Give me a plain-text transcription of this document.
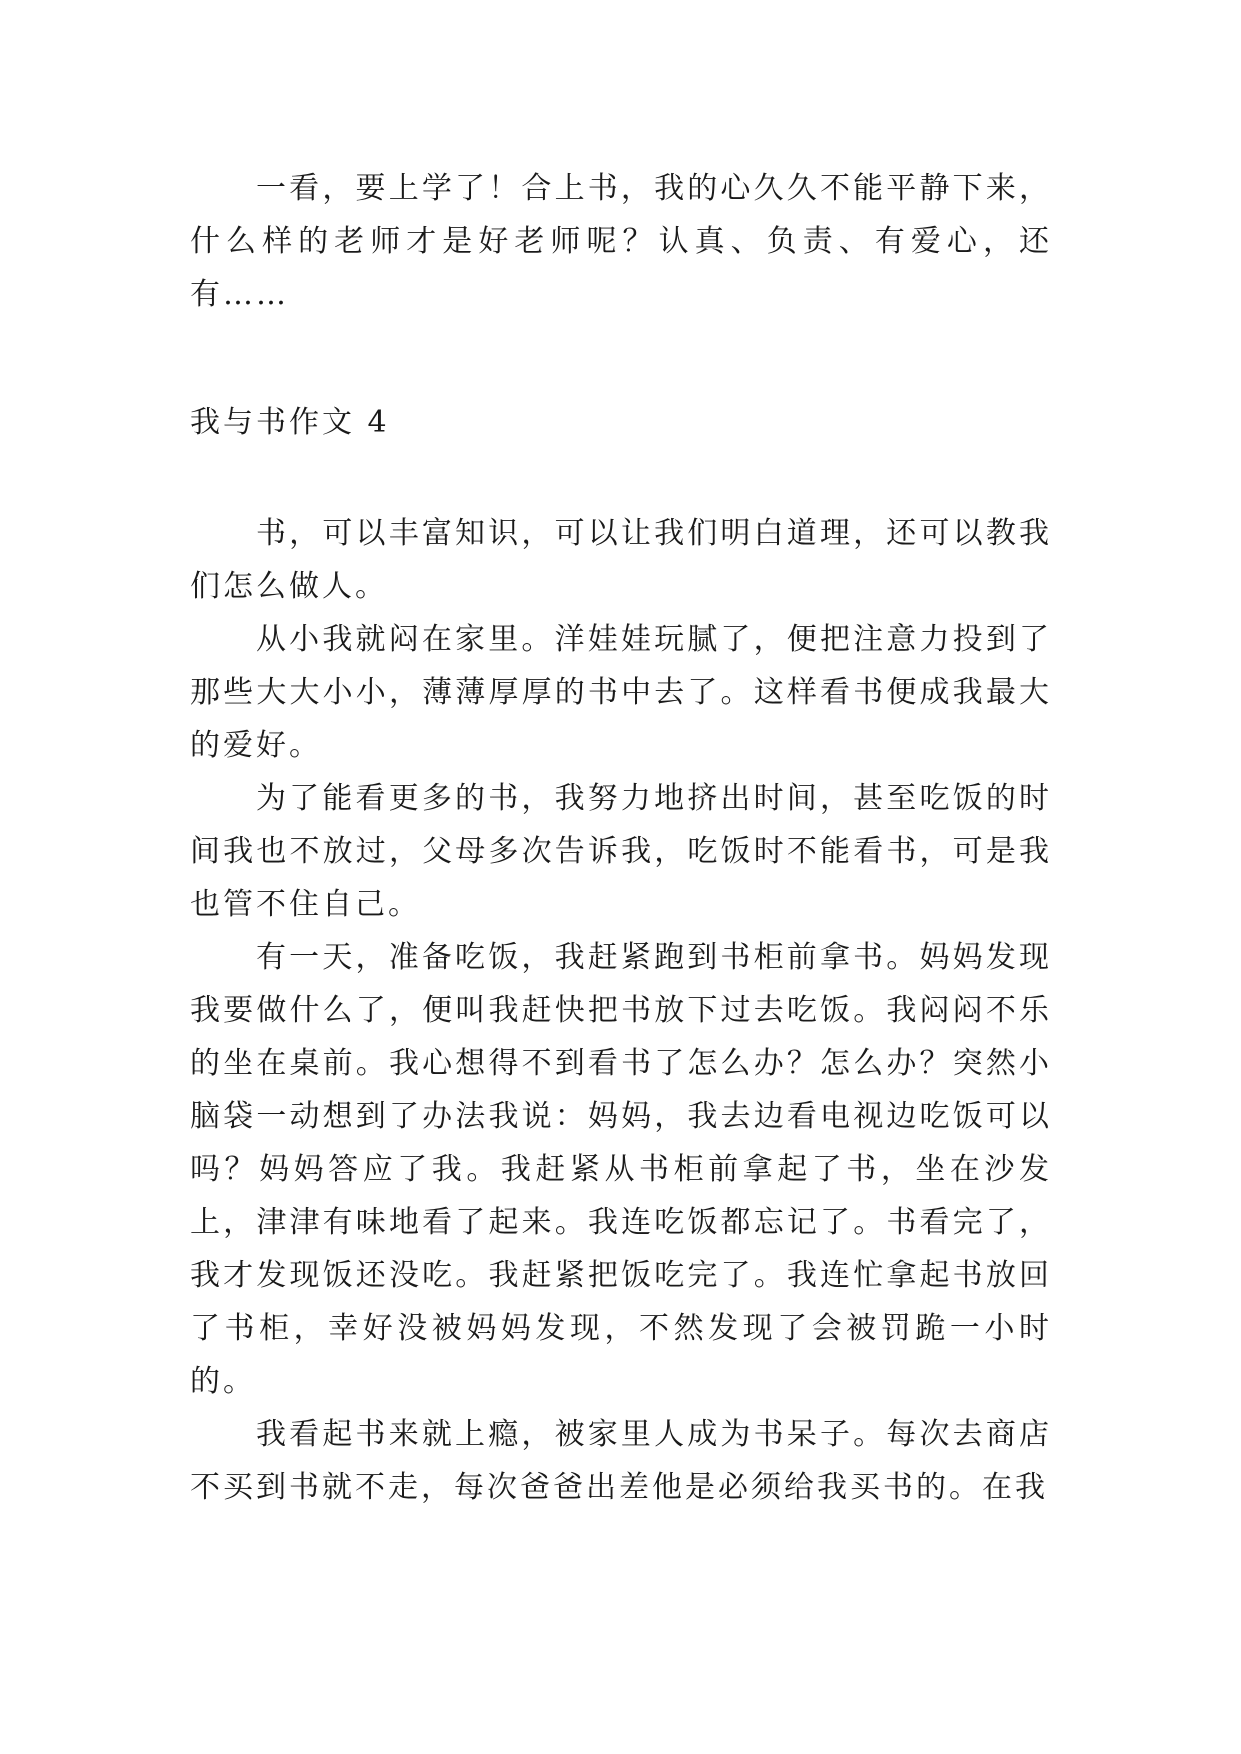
一看，要上学了！合上书，我的心久久不能平静下来，什么样的老师才是好老师呢？认真、负责、有爱心，还有……

我与书作文 4

书，可以丰富知识，可以让我们明白道理，还可以教我们怎么做人。

从小我就闷在家里。洋娃娃玩腻了，便把注意力投到了那些大大小小，薄薄厚厚的书中去了。这样看书便成我最大的爱好。

为了能看更多的书，我努力地挤出时间，甚至吃饭的时间我也不放过，父母多次告诉我，吃饭时不能看书，可是我也管不住自己。

有一天，准备吃饭，我赶紧跑到书柜前拿书。妈妈发现我要做什么了，便叫我赶快把书放下过去吃饭。我闷闷不乐的坐在桌前。我心想得不到看书了怎么办？怎么办？突然小脑袋一动想到了办法我说：妈妈，我去边看电视边吃饭可以吗？妈妈答应了我。我赶紧从书柜前拿起了书，坐在沙发上，津津有味地看了起来。我连吃饭都忘记了。书看完了，我才发现饭还没吃。我赶紧把饭吃完了。我连忙拿起书放回了书柜，幸好没被妈妈发现，不然发现了会被罚跪一小时的。

我看起书来就上瘾，被家里人成为书呆子。每次去商店不买到书就不走，每次爸爸出差他是必须给我买书的。在我
